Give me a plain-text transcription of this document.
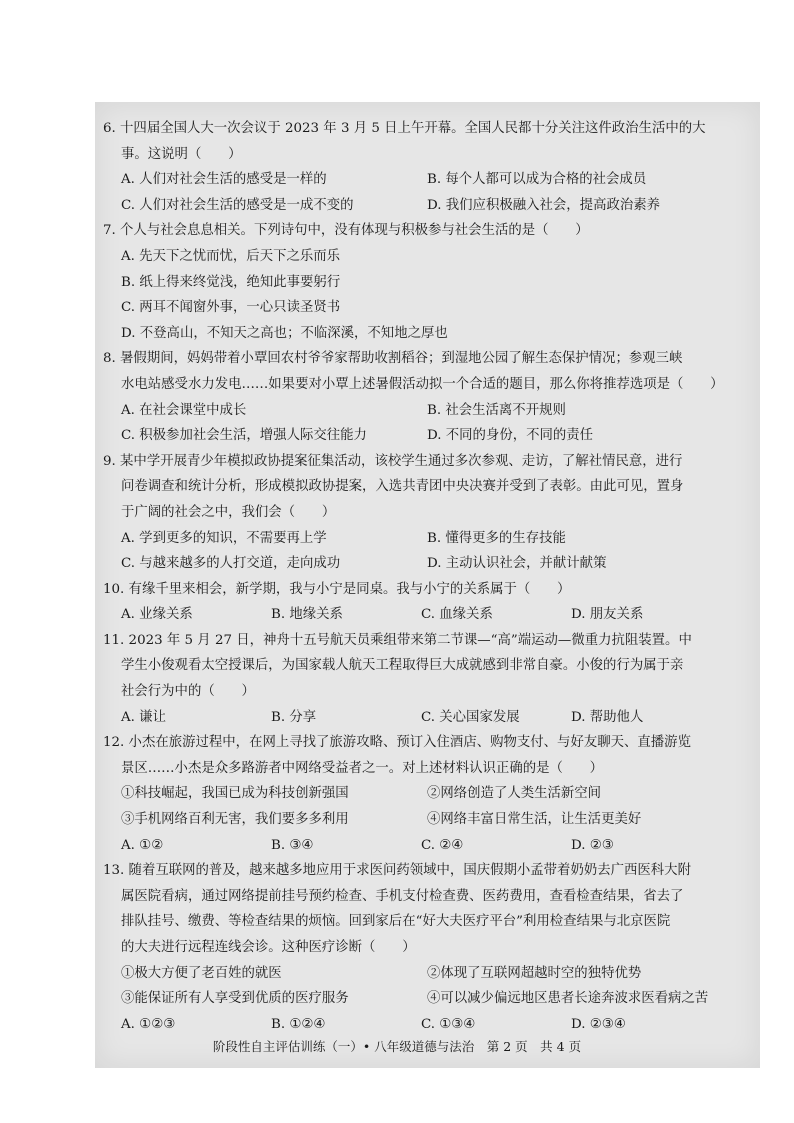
6. 十四届全国人大一次会议于 2023 年 3 月 5 日上午开幕。全国人民都十分关注这件政治生活中的大
事。这说明（　　）
A. 人们对社会生活的感受是一样的	B. 每个人都可以成为合格的社会成员
C. 人们对社会生活的感受是一成不变的	D. 我们应积极融入社会，提高政治素养
7. 个人与社会息息相关。下列诗句中，没有体现与积极参与社会生活的是（　　）
A. 先天下之忧而忧，后天下之乐而乐
B. 纸上得来终觉浅，绝知此事要躬行
C. 两耳不闻窗外事，一心只读圣贤书
D. 不登高山，不知天之高也；不临深溪，不知地之厚也
8. 暑假期间，妈妈带着小覃回农村爷爷家帮助收割稻谷；到湿地公园了解生态保护情况；参观三峡
水电站感受水力发电……如果要对小覃上述暑假活动拟一个合适的题目，那么你将推荐选项是（　　）
A. 在社会课堂中成长	B. 社会生活离不开规则
C. 积极参加社会生活，增强人际交往能力	D. 不同的身份，不同的责任
9. 某中学开展青少年模拟政协提案征集活动，该校学生通过多次参观、走访，了解社情民意，进行
问卷调查和统计分析，形成模拟政协提案，入选共青团中央决赛并受到了表彰。由此可见，置身
于广阔的社会之中，我们会（　　）
A. 学到更多的知识，不需要再上学	B. 懂得更多的生存技能
C. 与越来越多的人打交道，走向成功	D. 主动认识社会，并献计献策
10. 有缘千里来相会，新学期，我与小宁是同桌。我与小宁的关系属于（　　）
A. 业缘关系	B. 地缘关系	C. 血缘关系	D. 朋友关系
11. 2023 年 5 月 27 日，神舟十五号航天员乘组带来第二节课—“高”端运动—微重力抗阻装置。中
学生小俊观看太空授课后，为国家载人航天工程取得巨大成就感到非常自豪。小俊的行为属于亲
社会行为中的（　　）
A. 谦让	B. 分享	C. 关心国家发展	D. 帮助他人
12. 小杰在旅游过程中，在网上寻找了旅游攻略、预订入住酒店、购物支付、与好友聊天、直播游览
景区……小杰是众多路游者中网络受益者之一。对上述材料认识正确的是（　　）
①科技崛起，我国已成为科技创新强国	②网络创造了人类生活新空间
③手机网络百利无害，我们要多多利用	④网络丰富日常生活，让生活更美好
A. ①②	B. ③④	C. ②④	D. ②③
13. 随着互联网的普及，越来越多地应用于求医问药领域中，国庆假期小孟带着奶奶去广西医科大附
属医院看病，通过网络提前挂号预约检查、手机支付检查费、医药费用，查看检查结果，省去了
排队挂号、缴费、等检查结果的烦恼。回到家后在“好大夫医疗平台”利用检查结果与北京医院
的大夫进行远程连线会诊。这种医疗诊断（　　）
①极大方便了老百姓的就医	②体现了互联网超越时空的独特优势
③能保证所有人享受到优质的医疗服务	④可以减少偏远地区患者长途奔波求医看病之苦
A. ①②③	B. ①②④	C. ①③④	D. ②③④
阶段性自主评估训练（一）• 八年级道德与法治　第 2 页　共 4 页
